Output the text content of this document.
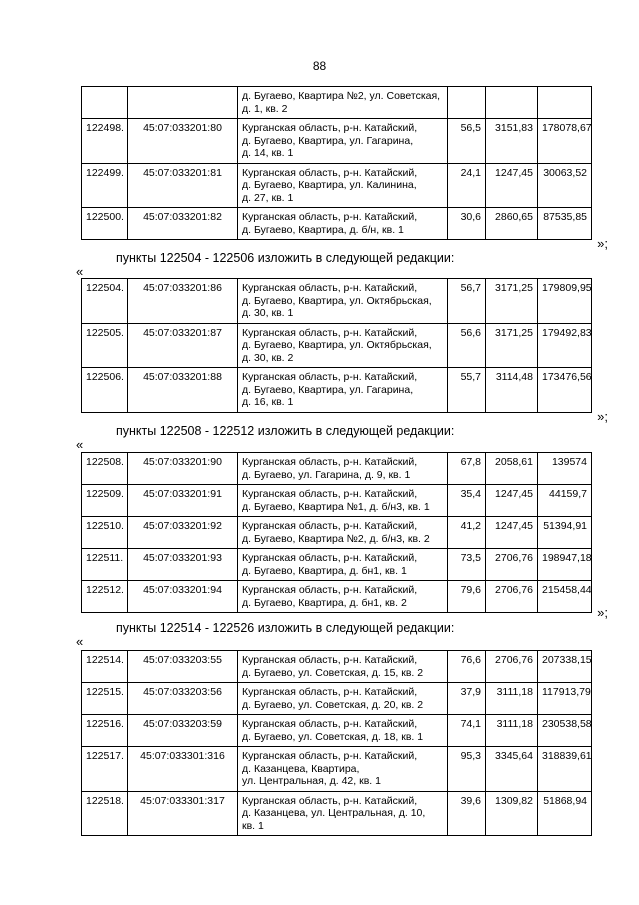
88
		д. Бугаево, Квартира №2, ул. Советская,
д. 1, кв. 2			
122498.	45:07:033201:80	Курганская область, р-н. Катайский,
д. Бугаево, Квартира, ул. Гагарина,
д. 14, кв. 1	56,5	3151,83	178078,67
122499.	45:07:033201:81	Курганская область, р-н. Катайский,
д. Бугаево, Квартира, ул. Калинина,
д. 27, кв. 1	24,1	1247,45	30063,52
122500.	45:07:033201:82	Курганская область, р-н. Катайский,
д. Бугаево, Квартира, д. б/н, кв. 1	30,6	2860,65	87535,85
»;
пункты 122504 - 122506 изложить в следующей редакции:
«
122504.	45:07:033201:86	Курганская область, р-н. Катайский,
д. Бугаево, Квартира, ул. Октябрьская,
д. 30, кв. 1	56,7	3171,25	179809,95
122505.	45:07:033201:87	Курганская область, р-н. Катайский,
д. Бугаево, Квартира, ул. Октябрьская,
д. 30, кв. 2	56,6	3171,25	179492,83
122506.	45:07:033201:88	Курганская область, р-н. Катайский,
д. Бугаево, Квартира, ул. Гагарина,
д. 16, кв. 1	55,7	3114,48	173476,56
»;
пункты 122508 - 122512 изложить в следующей редакции:
«
122508.	45:07:033201:90	Курганская область, р-н. Катайский,
д. Бугаево, ул. Гагарина, д. 9, кв. 1	67,8	2058,61	139574
122509.	45:07:033201:91	Курганская область, р-н. Катайский,
д. Бугаево, Квартира №1, д. б/н3, кв. 1	35,4	1247,45	44159,7
122510.	45:07:033201:92	Курганская область, р-н. Катайский,
д. Бугаево, Квартира №2, д. б/н3, кв. 2	41,2	1247,45	51394,91
122511.	45:07:033201:93	Курганская область, р-н. Катайский,
д. Бугаево, Квартира, д. бн1, кв. 1	73,5	2706,76	198947,18
122512.	45:07:033201:94	Курганская область, р-н. Катайский,
д. Бугаево, Квартира, д. бн1, кв. 2	79,6	2706,76	215458,44
»;
пункты 122514 - 122526 изложить в следующей редакции:
«
122514.	45:07:033203:55	Курганская область, р-н. Катайский,
д. Бугаево, ул. Советская, д. 15, кв. 2	76,6	2706,76	207338,15
122515.	45:07:033203:56	Курганская область, р-н. Катайский,
д. Бугаево, ул. Советская, д. 20, кв. 2	37,9	3111,18	117913,79
122516.	45:07:033203:59	Курганская область, р-н. Катайский,
д. Бугаево, ул. Советская, д. 18, кв. 1	74,1	3111,18	230538,58
122517.	45:07:033301:316	Курганская область, р-н. Катайский,
д. Казанцева, Квартира,
ул. Центральная, д. 42, кв. 1	95,3	3345,64	318839,61
122518.	45:07:033301:317	Курганская область, р-н. Катайский,
д. Казанцева, ул. Центральная, д. 10,
кв. 1	39,6	1309,82	51868,94
